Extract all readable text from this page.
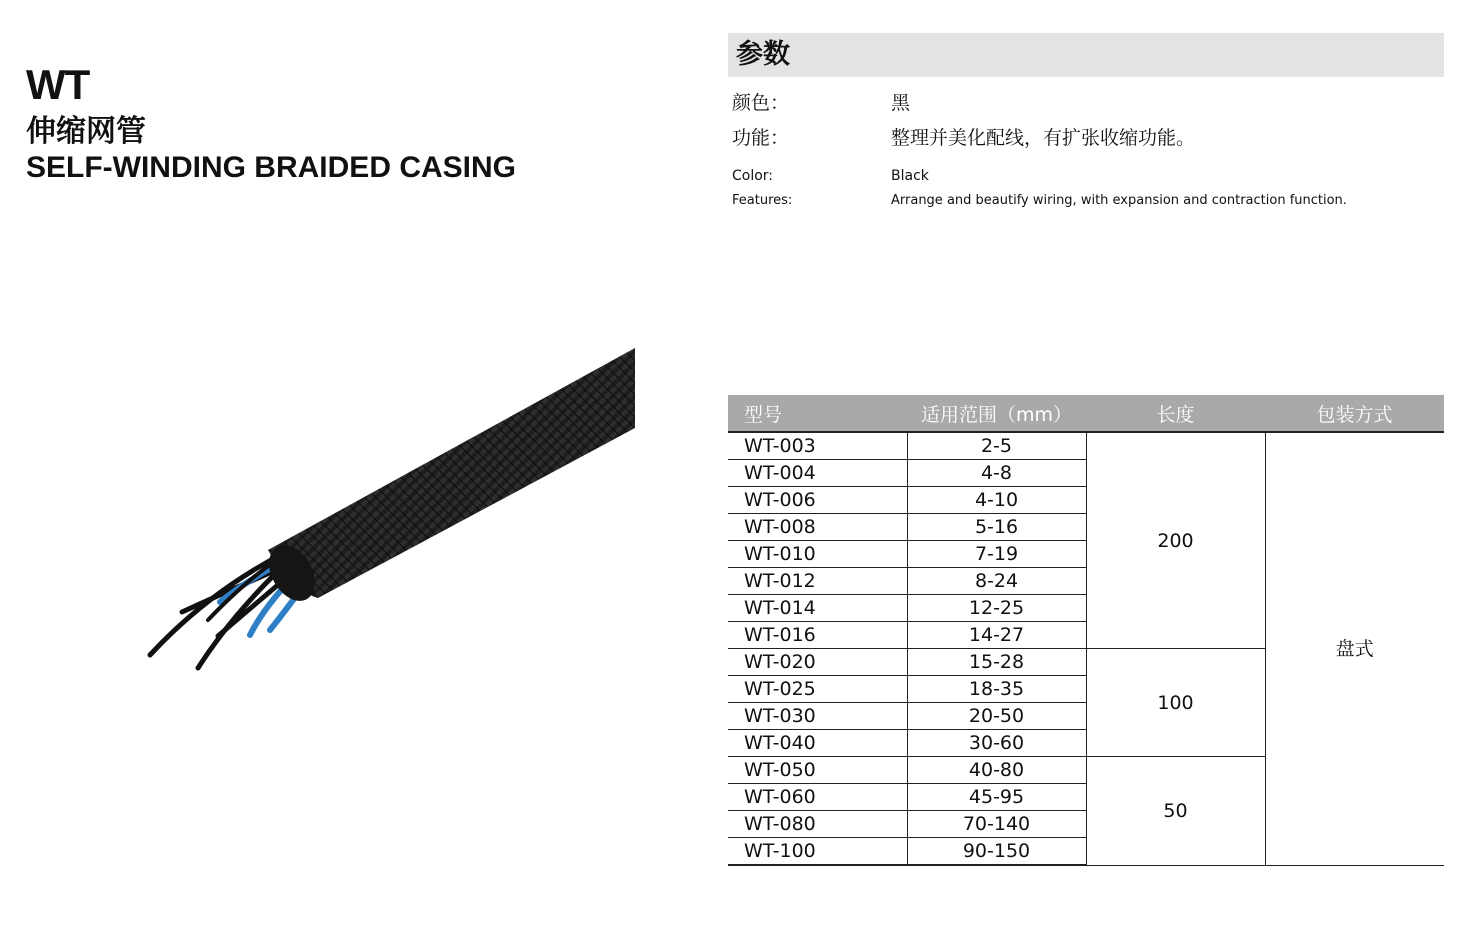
WT
伸缩网管
SELF-WINDING BRAIDED CASING
参数
颜色：	黑
功能：	整理并美化配线，有扩张收缩功能。
Color:	Black
Features:	Arrange and beautify wiring, with expansion and contraction function.
型号	适用范围（mm）	长度	包装方式
WT-003	2-5	200	盘式
WT-004	4-8		
WT-006	4-10		
WT-008	5-16		
WT-010	7-19		
WT-012	8-24		
WT-014	12-25		
WT-016	14-27		
WT-020	15-28	100	
WT-025	18-35		
WT-030	20-50		
WT-040	30-60		
WT-050	40-80	50	
WT-060	45-95		
WT-080	70-140		
WT-100	90-150		
